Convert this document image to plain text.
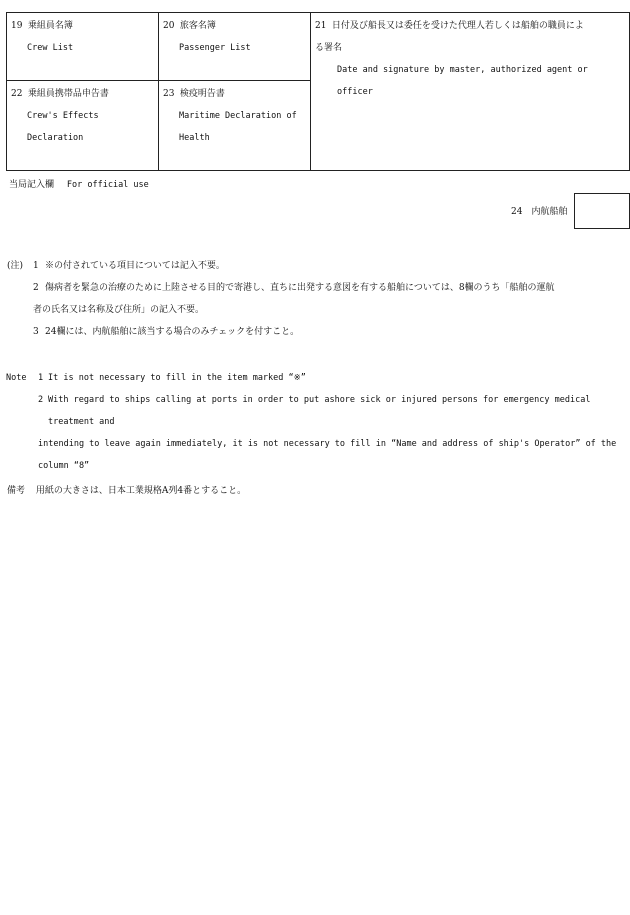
19 乗組員名簿
Crew List
20 旅客名簿
Passenger List
21 日付及び船長又は委任を受けた代理人若しくは船舶の職員によ
る署名
Date and signature by master, authorized agent or officer
22 乗組員携帯品申告書
Crew's Effects Declaration
23 検疫明告書
Maritime Declaration of
Health
当局記入欄 For official use
24　内航船舶
(注)	1 ※の付されている項目については記入不要。
2 傷病者を緊急の治療のために上陸させる目的で寄港し、直ちに出発する意図を有する船舶については、8欄のうち「船舶の運航
者の氏名又は名称及び住所」の記入不要。
3 24欄には、内航船舶に該当する場合のみチェックを付すこと。
Note	1 It is not necessary to fill in the item marked “※”
2 With regard to ships calling at ports in order to put ashore sick or injured persons for emergency medical treatment and
intending to leave again immediately, it is not necessary to fill in “Name and address of ship's Operator” of the
column “8”
備考 用紙の大きさは、日本工業規格A列4番とすること。
